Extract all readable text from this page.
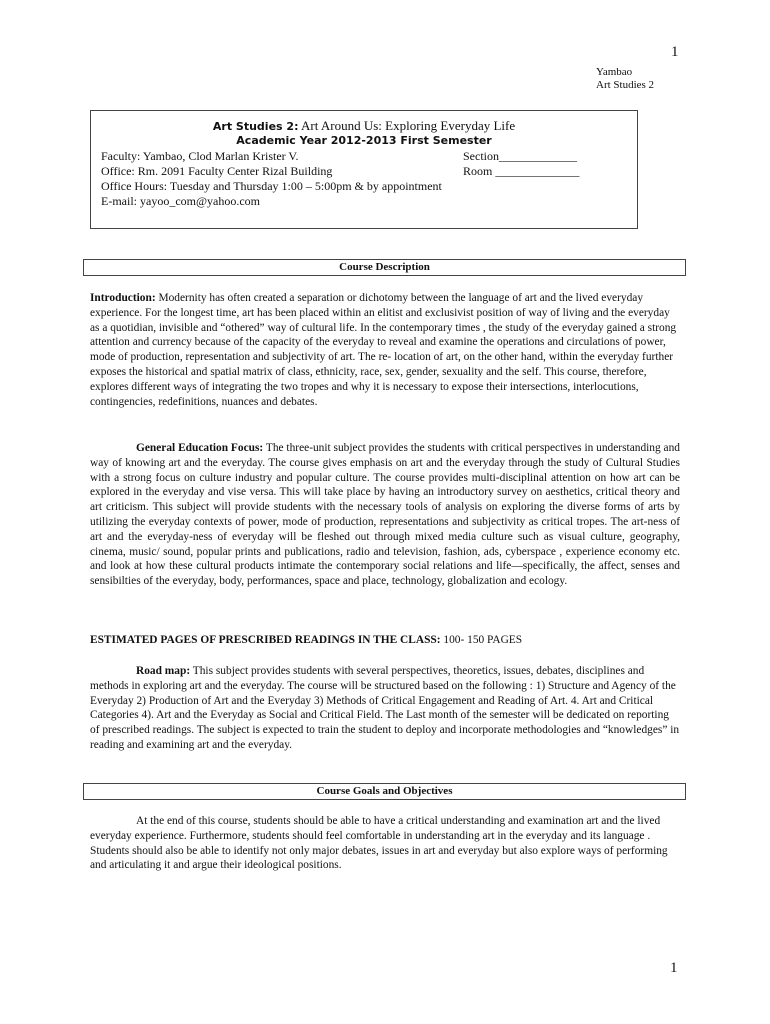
1
Yambao
Art Studies 2
Art Studies 2: Art Around Us: Exploring Everyday Life
Academic Year 2012-2013 First Semester
Faculty: Yambao, Clod Marlan Krister V.	Section_____________
Office: Rm. 2091 Faculty Center Rizal Building	Room ______________
Office Hours: Tuesday and Thursday 1:00 – 5:00pm & by appointment
E-mail: yayoo_com@yahoo.com
Course Description

Introduction: Modernity has often created a separation or dichotomy between the language of art and the lived everyday experience. For the longest time, art has been placed within an elitist and exclusivist position of way of living and the everyday as a quotidian, invisible and “othered” way of cultural life. In the contemporary times , the study of the everyday gained a strong attention and currency because of the capacity of the everyday to reveal and examine the operations and circulations of power, mode of production, representation and subjectivity of art. The re- location of art, on the other hand, within the everyday further exposes the historical and spatial matrix of class, ethnicity, race, sex, gender, sexuality and the self. This course, therefore, explores different ways of integrating the two tropes and why it is necessary to expose their intersections, interlocutions, contingencies, redefinitions, nuances and debates.

General Education Focus: The three-unit subject provides the students with critical perspectives in understanding and way of knowing art and the everyday. The course gives emphasis on art and the everyday through the study of Cultural Studies with a strong focus on culture industry and popular culture. The course provides multi-disciplinal attention on how art can be explored in the everyday and vise versa. This will take place by having an introductory survey on aesthetics, critical theory and art criticism. This subject will provide students with the necessary tools of analysis on exploring the diverse forms of arts by utilizing the everyday contexts of power, mode of production, representations and subjectivity as critical tropes. The art-ness of art and the everyday-ness of everyday will be fleshed out through mixed media culture such as visual culture, geography, cinema, music/ sound, popular prints and publications, radio and television, fashion, ads, cyberspace , experience economy etc. and look at how these cultural products intimate the contemporary social relations and life—specifically, the affect, senses and sensibilties of the everyday, body, performances, space and place, technology, globalization and ecology.

ESTIMATED PAGES OF PRESCRIBED READINGS IN THE CLASS: 100- 150 PAGES

Road map: This subject provides students with several perspectives, theoretics, issues, debates, disciplines and methods in exploring art and the everyday. The course will be structured based on the following : 1) Structure and Agency of the Everyday 2) Production of Art and the Everyday 3) Methods of Critical Engagement and Reading of Art. 4. Art and Critical Categories 4). Art and the Everyday as Social and Critical Field. The Last month of the semester will be dedicated on reporting of prescribed readings. The subject is expected to train the student to deploy and incorporate methodologies and “knowledges” in reading and examining art and the everyday.

Course Goals and Objectives

At the end of this course, students should be able to have a critical understanding and examination art and the lived everyday experience. Furthermore, students should feel comfortable in understanding art in the everyday and its language . Students should also be able to identify not only major debates, issues in art and everyday but also explore ways of performing and articulating it and argue their ideological positions.

1
